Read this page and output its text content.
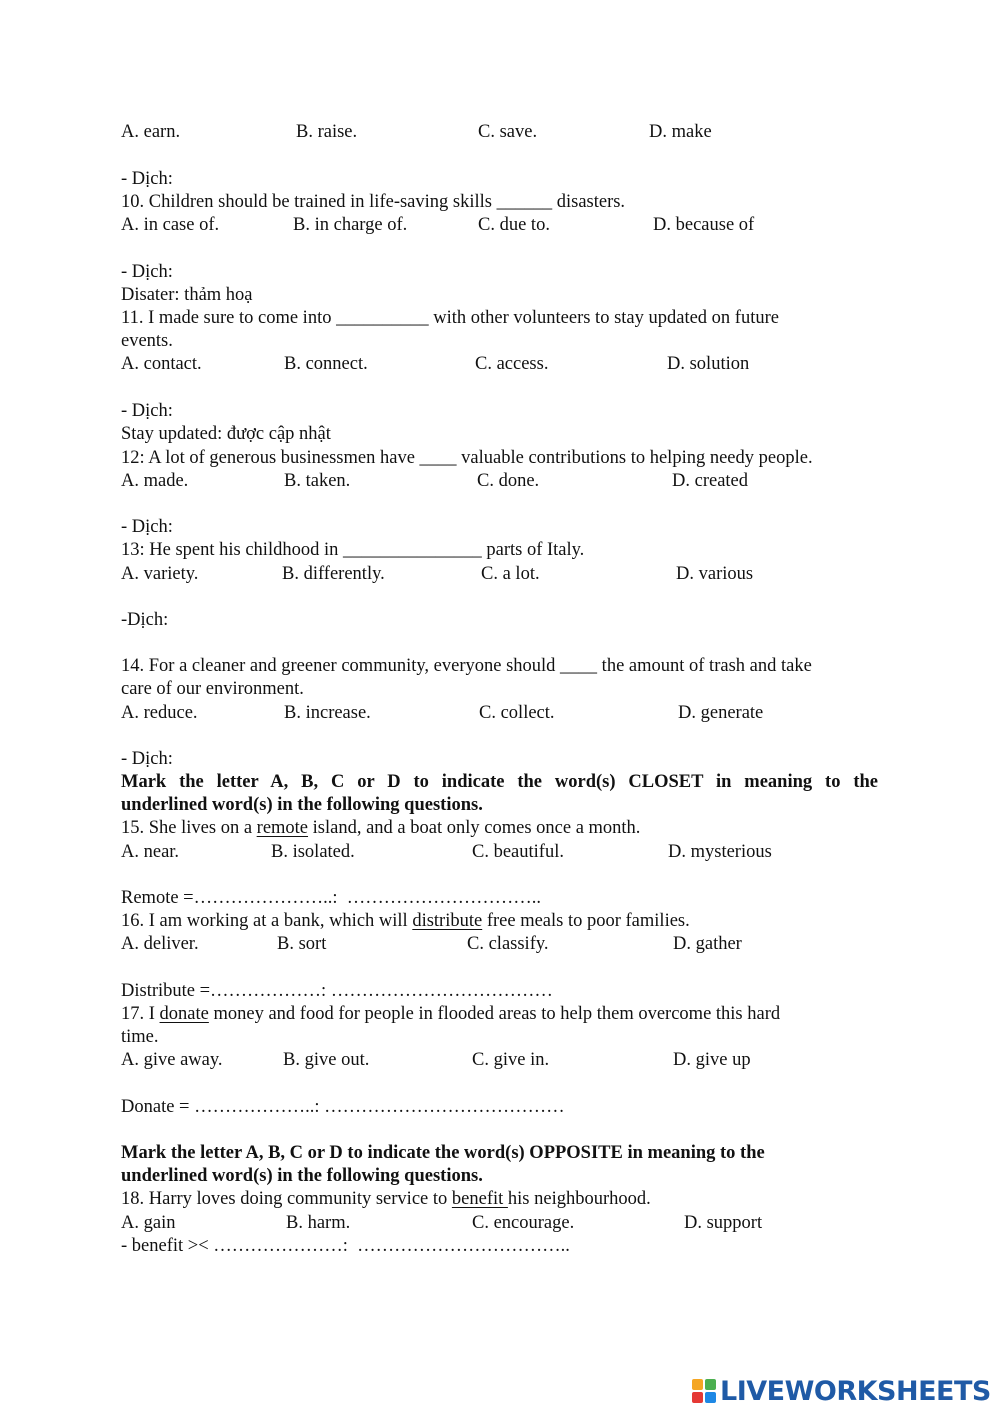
A. earn.	B. raise.	C. save.	D. make
- Dịch:
10. Children should be trained in life-saving skills ______ disasters.
A. in case of.	B. in charge of.	C. due to.	D. because of
- Dịch:
Disater: thảm hoạ
11. I made sure to come into __________ with other volunteers to stay updated on future
events.
A. contact.	B. connect.	C. access.	D. solution
- Dịch:
Stay updated: được cập nhật
12: A lot of generous businessmen have ____ valuable contributions to helping needy people.
A. made.	B. taken.	C. done.	D. created
- Dịch:
13: He spent his childhood in _______________ parts of Italy.
A. variety.	B. differently.	C. a lot.	D. various
-Dịch:
14. For a cleaner and greener community, everyone should ____ the amount of trash and take
care of our environment.
A. reduce.	B. increase.	C. collect.	D. generate
- Dịch:
Mark the letter A, B, C or D to indicate the word(s) CLOSET in meaning to the
underlined word(s) in the following questions.
15. She lives on a remote island, and a boat only comes once a month.
A. near.	B. isolated.	C. beautiful.	D. mysterious
Remote =…………………..:  …………………………..
16. I am working at a bank, which will distribute free meals to poor families.
A. deliver.	B. sort	C. classify.	D. gather
Distribute =………………: ………………………………
17. I donate money and food for people in flooded areas to help them overcome this hard
time.
A. give away.	B. give out.	C. give in.	D. give up
Donate = ………………..: …………………………………
Mark the letter A, B, C or D to indicate the word(s) OPPOSITE in meaning to the
underlined word(s) in the following questions.
18. Harry loves doing community service to benefit his neighbourhood.
A. gain	B. harm.	C. encourage.	D. support
- benefit >< …………………:  ……………………………..
LIVEWORKSHEETS
